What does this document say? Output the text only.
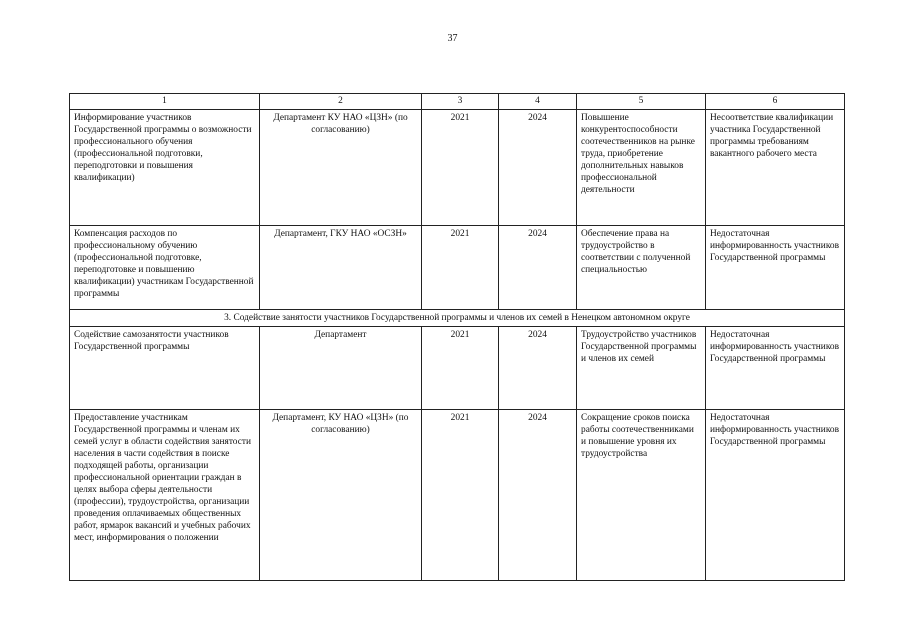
37
1	2	3	4	5	6
Информирование участников Государственной программы о возможности профессионального обучения (профессиональной подготовки, переподготовки и повышения квалификации)	Департамент КУ НАО «ЦЗН» (по согласованию)	2021	2024	Повышение конкурентоспособности соотечественников на рынке труда, приобретение дополнительных навыков профессиональной деятельности	Несоответствие квалификации участника Государственной программы требованиям вакантного рабочего места
Компенсация расходов по профессиональному обучению (профессиональной подготовке, переподготовке и повышению квалификации) участникам Государственной программы	Департамент, ГКУ НАО «ОСЗН»	2021	2024	Обеспечение права на трудоустройство в соответствии с полученной специальностью	Недостаточная информированность участников Государственной программы
3. Содействие занятости участников Государственной программы и членов их семей в Ненецком автономном округе					
Содействие самозанятости участников Государственной программы	Департамент	2021	2024	Трудоустройство участников Государственной программы и членов их семей	Недостаточная информированность участников Государственной программы
Предоставление участникам Государственной программы и членам их семей услуг в области содействия занятости населения в части содействия в поиске подходящей работы, организации профессиональной ориентации граждан в целях выбора сферы деятельности (профессии), трудоустройства, организации проведения оплачиваемых общественных работ, ярмарок вакансий и учебных рабочих мест, информирования о положении	Департамент, КУ НАО «ЦЗН» (по согласованию)	2021	2024	Сокращение сроков поиска работы соотечественниками и повышение уровня их трудоустройства	Недостаточная информированность участников Государственной программы
